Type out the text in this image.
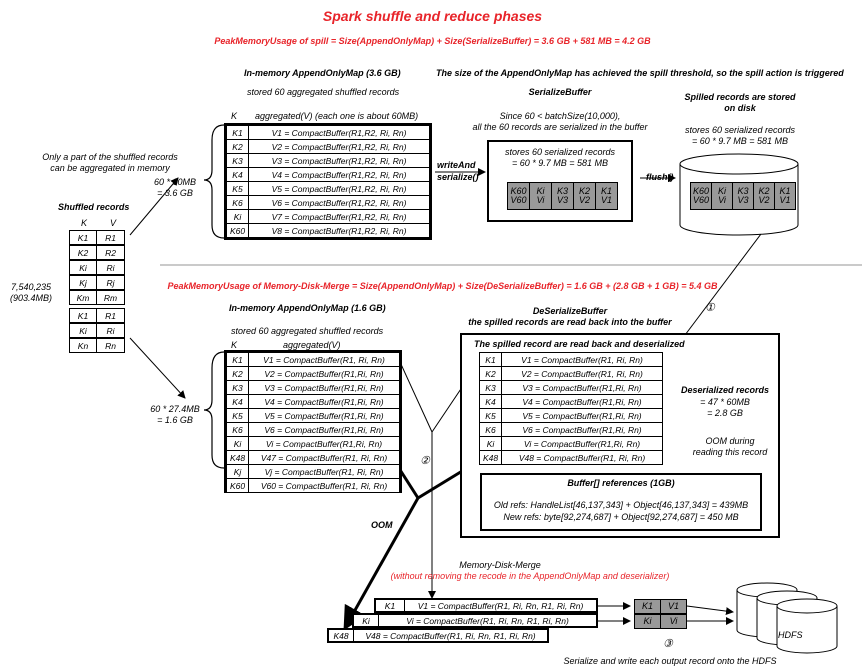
Spark shuffle and reduce phases
PeakMemoryUsage of spill = Size(AppendOnlyMap) + Size(SerializeBuffer) = 3.6 GB + 581 MB = 4.2 GB
PeakMemoryUsage of Memory-Disk-Merge = Size(AppendOnlyMap) + Size(DeSerializeBuffer) = 1.6 GB + (2.8 GB + 1 GB) = 5.4 GB
In-memory AppendOnlyMap (3.6 GB)
stored 60 aggregated shuffled records
The size of the AppendOnlyMap has achieved the spill threshold, so the spill action is triggered
K aggregated(V) (each one is about 60MB)
Only a part of the shuffled records
can be aggregated in memory
60 * 60MB
= 3.6 GB
K1	V1 = CompactBuffer(R1,R2, Ri, Rn)
K2	V2 = CompactBuffer(R1,R2, Ri, Rn)
K3	V3 = CompactBuffer(R1,R2, Ri, Rn)
K4	V4 = CompactBuffer(R1,R2, Ri, Rn)
K5	V5 = CompactBuffer(R1,R2, Ri, Rn)
K6	V6 = CompactBuffer(R1,R2, Ri, Rn)
Ki	V7 = CompactBuffer(R1,R2, Ri, Rn)
K60	V8 = CompactBuffer(R1,R2, Ri, Rn)
writeAnd
serialize()
SerializeBuffer
Since 60 < batchSize(10,000),
all the 60 records are serialized in the buffer
stores 60 serialized records
= 60 * 9.7 MB = 581 MB
K60
V60
Ki
Vi
K3
V3
K2
V2
K1
V1
flush()
Spilled records are stored
on disk
stores 60 serialized records
= 60 * 9.7 MB = 581 MB
K60
V60
Ki
Vi
K3
V3
K2
V2
K1
V1
Shuffled records
K	V
K1	R1
K2	R2
Ki	Ri
Kj	Rj
Km	Rm
K1	R1
Ki	Ri
Kn	Rn
7,540,235
(903.4MB)
In-memory AppendOnlyMap (1.6 GB)
stored 60 aggregated shuffled records
K	aggregated(V)
60 * 27.4MB
= 1.6 GB
K1	V1 = CompactBuffer(R1, Ri, Rn)
K2	V2 = CompactBuffer(R1,Ri, Rn)
K3	V3 = CompactBuffer(R1,Ri, Rn)
K4	V4 = CompactBuffer(R1,Ri, Rn)
K5	V5 = CompactBuffer(R1,Ri, Rn)
K6	V6 = CompactBuffer(R1,Ri, Rn)
Ki	Vi = CompactBuffer(R1,Ri, Rn)
K48	V47 = CompactBuffer(R1, Ri, Rn)
Kj	Vj = CompactBuffer(R1, Ri, Rn)
K60	V60 = CompactBuffer(R1, Ri, Rn)
DeSerializeBuffer
the spilled records are read back into the buffer
①
The spilled record are read back and deserialized
K1	V1 = CompactBuffer(R1, Ri, Rn)
K2	V2 = CompactBuffer(R1, Ri, Rn)
K3	V3 = CompactBuffer(R1,Ri, Rn)
K4	V4 = CompactBuffer(R1,Ri, Rn)
K5	V5 = CompactBuffer(R1,Ri, Rn)
K6	V6 = CompactBuffer(R1,Ri, Rn)
Ki	Vi = CompactBuffer(R1,Ri, Rn)
K48	V48 = CompactBuffer(R1, Ri, Rn)
Deserialized records
= 47 * 60MB
= 2.8 GB
OOM during
reading this record
Buffer[] references (1GB)
Old refs: HandleList[46,137,343] + Object[46,137,343] = 439MB
New refs: byte[92,274,687] + Object[92,274,687] = 450 MB
②
OOM
Memory-Disk-Merge
(without removing the recode in the AppendOnlyMap and deserializer)
K1	V1 = CompactBuffer(R1, Ri, Rn, R1, Ri, Rn)
Ki	Vi = CompactBuffer(R1, Ri, Rn, R1, Ri, Rn)
K48	V48 = CompactBuffer(R1, Ri, Rn, R1, Ri, Rn)
K1	V1
Ki	Vi
HDFS
③
Serialize and write each output record onto the HDFS
